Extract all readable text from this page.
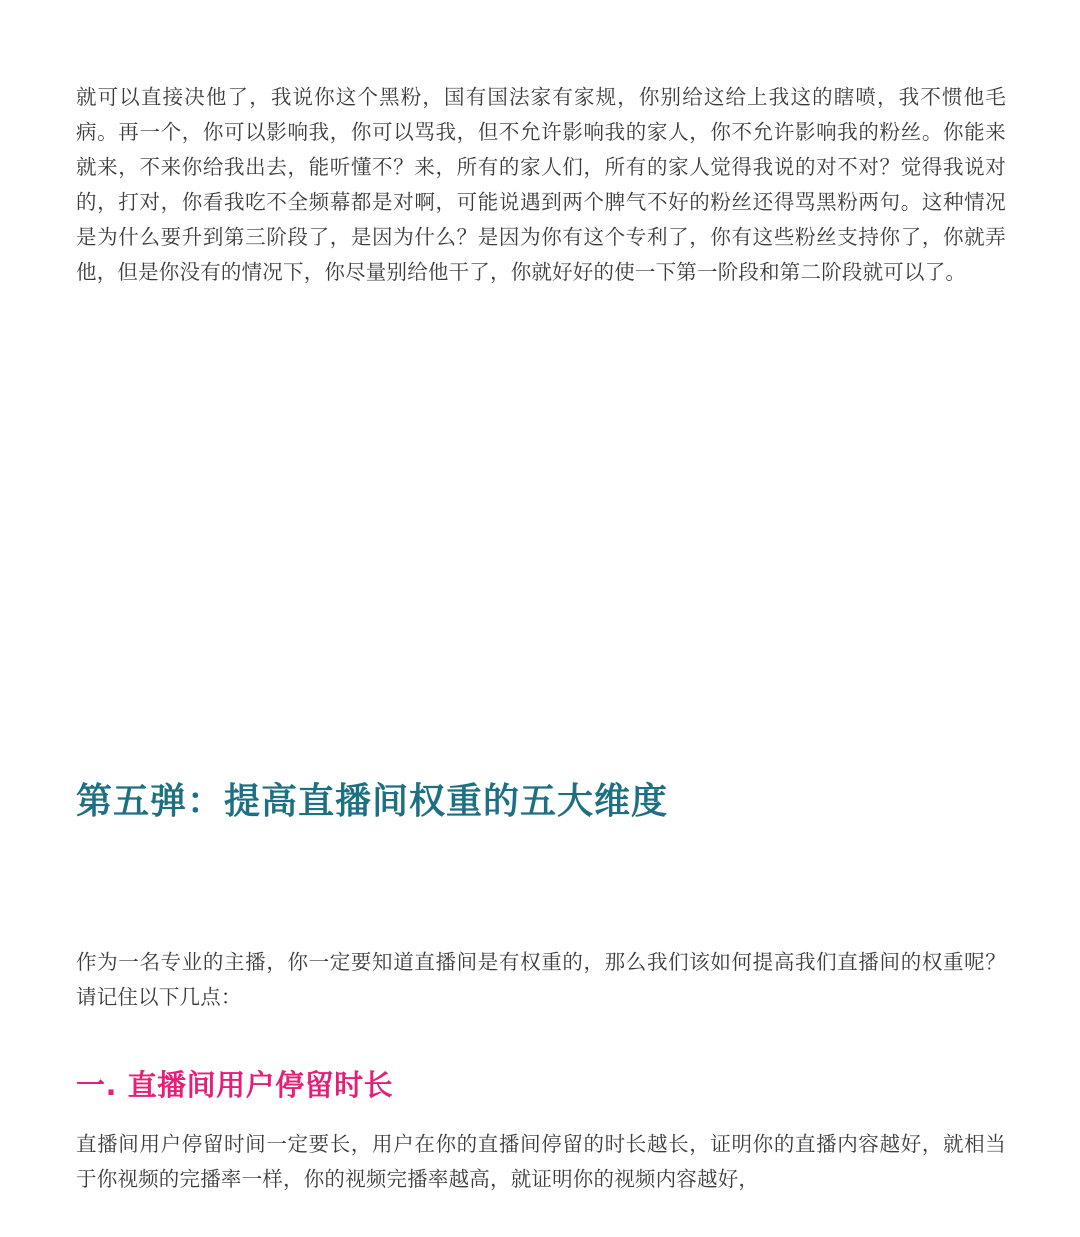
就可以直接决他了，我说你这个黑粉，国有国法家有家规，你别给这给上我这的瞎喷，我不惯他毛病。再一个，你可以影响我，你可以骂我，但不允许影响我的家人，你不允许影响我的粉丝。你能来就来，不来你给我出去，能听懂不？来，所有的家人们，所有的家人觉得我说的对不对？觉得我说对的，打对，你看我吃不全频幕都是对啊，可能说遇到两个脾气不好的粉丝还得骂黑粉两句。这种情况是为什么要升到第三阶段了，是因为什么？是因为你有这个专利了，你有这些粉丝支持你了，你就弄他，但是你没有的情况下，你尽量别给他干了，你就好好的使一下第一阶段和第二阶段就可以了。

第五弹：提高直播间权重的五大维度

作为一名专业的主播，你一定要知道直播间是有权重的，那么我们该如何提高我们直播间的权重呢？请记住以下几点：

一. 直播间用户停留时长

直播间用户停留时间一定要长，用户在你的直播间停留的时长越长，证明你的直播内容越好，就相当于你视频的完播率一样，你的视频完播率越高，就证明你的视频内容越好，
